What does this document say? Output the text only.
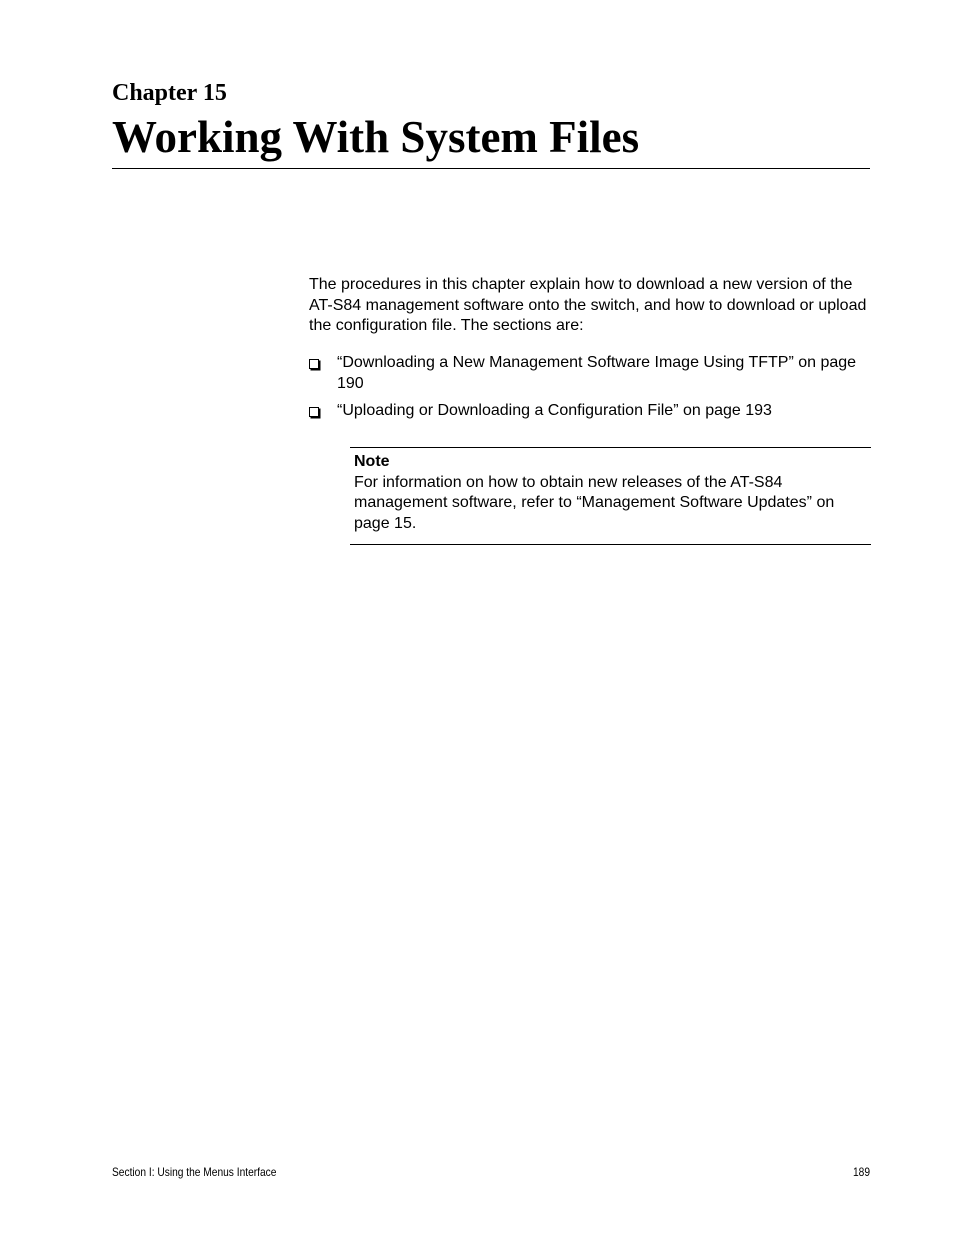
Chapter 15
Working With System Files

The procedures in this chapter explain how to download a new version of the AT-S84 management software onto the switch, and how to download or upload the configuration file. The sections are:

“Downloading a New Management Software Image Using TFTP” on page 190
“Uploading or Downloading a Configuration File” on page 193

Note

For information on how to obtain new releases of the AT-S84 management software, refer to “Management Software Updates” on page 15.

Section I: Using the Menus Interface	189
